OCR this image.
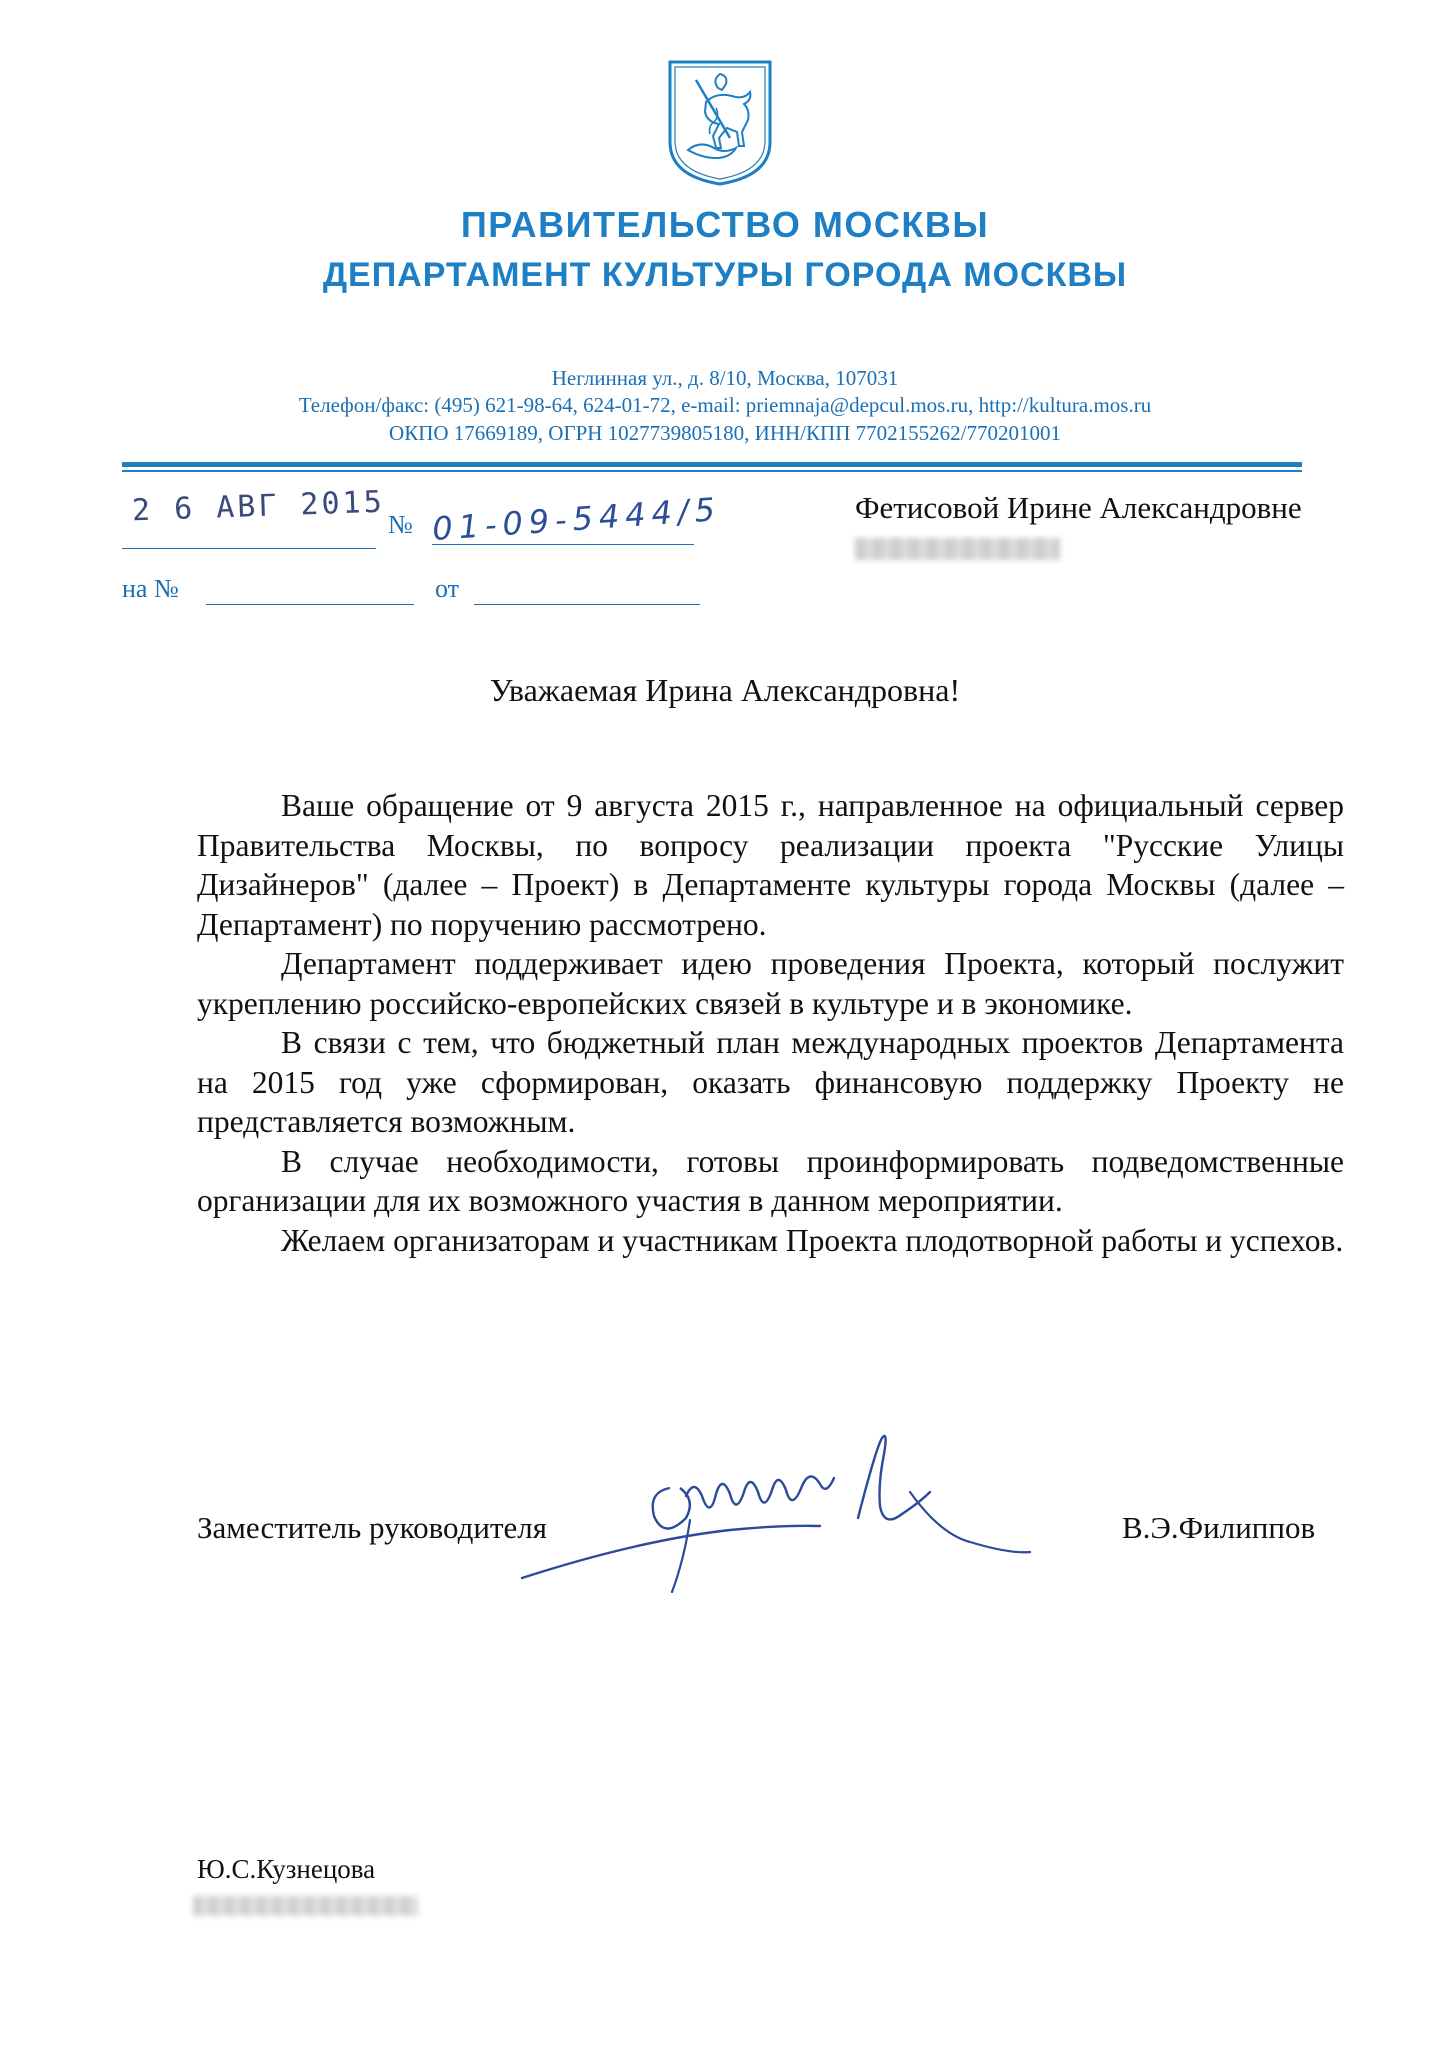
ПРАВИТЕЛЬСТВО МОСКВЫ
ДЕПАРТАМЕНТ КУЛЬТУРЫ ГОРОДА МОСКВЫ

Неглинная ул., д. 8/10, Москва, 107031

Телефон/факс: (495) 621-98-64, 624-01-72, e-mail: priemnaja@depcul.mos.ru, http://kultura.mos.ru

ОКПО 17669189, ОГРН 1027739805180, ИНН/КПП 7702155262/770201001

2 6 АВГ 2015 № 01-09-5444/5
на №	от
Фетисовой Ирине Александровне
Уважаемая Ирина Александровна!

Ваше обращение от 9 августа 2015 г., направленное на официальный сервер Правительства Москвы, по вопросу реализации проекта "Русские Улицы Дизайнеров" (далее – Проект) в Департаменте культуры города Москвы (далее – Департамент) по поручению рассмотрено.

Департамент поддерживает идею проведения Проекта, который послужит укреплению российско-европейских связей в культуре и в экономике.

В связи с тем, что бюджетный план международных проектов Департамента на 2015 год уже сформирован, оказать финансовую поддержку Проекту не представляется возможным.

В случае необходимости, готовы проинформировать подведомственные организации для их возможного участия в данном мероприятии.

Желаем организаторам и участникам Проекта плодотворной работы и успехов.

Заместитель руководителя	В.Э.Филиппов
Ю.С.Кузнецова
